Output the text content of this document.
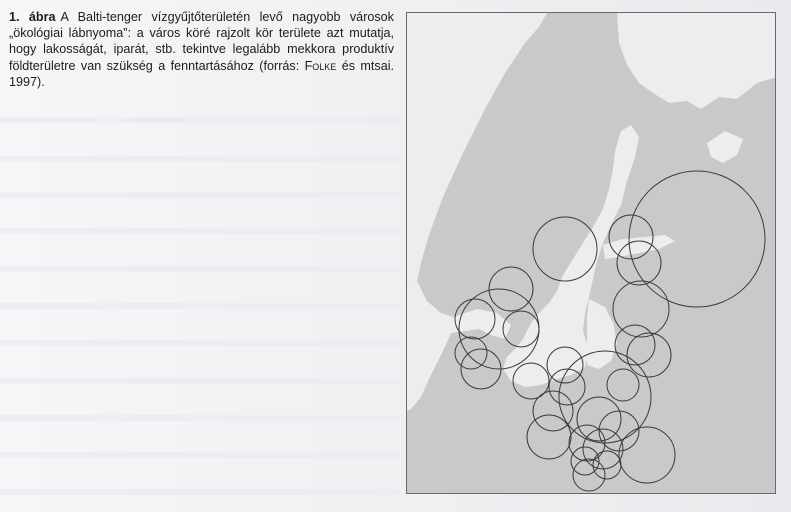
1. ábra A Balti-tenger vízgyűjtőterületén levő nagyobb városok „ökológiai lábnyoma”: a város köré rajzolt kör területe azt mutatja, hogy lakosságát, iparát, stb. tekintve legalább mekkora produktív földterületre van szükség a fenntartásához (forrás: Folke és mtsai. 1997).
